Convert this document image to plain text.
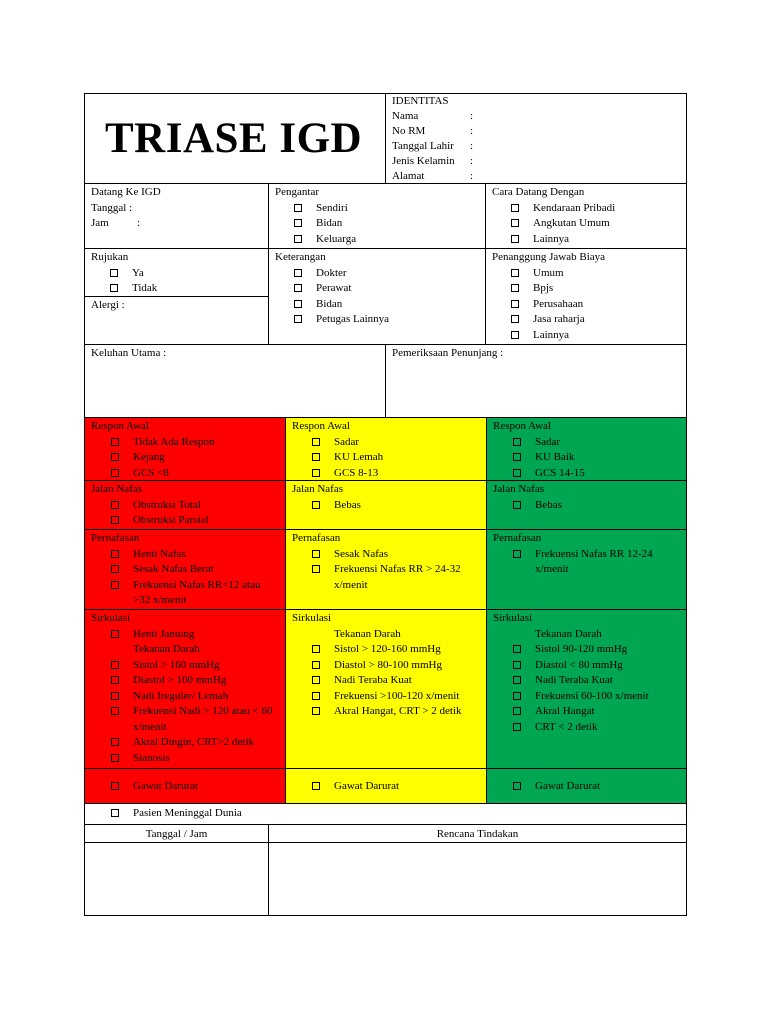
TRIASE IGD
IDENTITAS
Nama	:
No RM	:
Tanggal Lahir	:
Jenis Kelamin	:
Alamat	:
Datang Ke IGD
Tanggal :
Jam	:
Pengantar
Sendiri
Bidan
Keluarga
Cara Datang Dengan
Kendaraan Pribadi
Angkutan Umum
Lainnya
Rujukan
Ya
Tidak
Alergi :
Keterangan
Dokter
Perawat
Bidan
Petugas Lainnya
Penanggung Jawab Biaya
Umum
Bpjs
Perusahaan
Jasa raharja
Lainnya
Keluhan Utama :	Pemeriksaan Penunjang :
Respon Awal
Tidak Ada Respon
Kejang
GCS <8
Jalan Nafas
Obstruksi Total
Obstruksi Parsial
Pernafasan
Henti Nafas
Sesak Nafas Berat
Frekuensi Nafas RR<12 atau >32 x/menit
Sirkulasi
Henti Jantung
Tekanan Darah
Sistol > 160 mmHg
Diastol > 100 mmHg
Nadi Ireguler/ Lemah
Frekuensi Nadi > 120 atau < 60 x/menit
Akral Dingin, CRT>2 detik
Sianosis
Gawat Darurat
Respon Awal
Sadar
KU Lemah
GCS 8-13
Jalan Nafas
Bebas
Pernafasan
Sesak Nafas
Frekuensi Nafas RR > 24-32 x/menit
Sirkulasi
Tekanan Darah
Sistol > 120-160 mmHg
Diastol > 80-100 mmHg
Nadi Teraba Kuat
Frekuensi >100-120 x/menit
Akral Hangat, CRT > 2 detik
Gawat Darurat
Respon Awal
Sadar
KU Baik
GCS 14-15
Jalan Nafas
Bebas
Pernafasan
Frekuensi Nafas RR 12-24 x/menit
Sirkulasi
Tekanan Darah
Sistol 90-120 mmHg
Diastol < 80 mmHg
Nadi Teraba Kuat
Frekuensi 60-100 x/menit
Akral Hangat
CRT < 2 detik
Gawat Darurat
Pasien Meninggal Dunia
Tanggal / Jam	Rencana Tindakan
